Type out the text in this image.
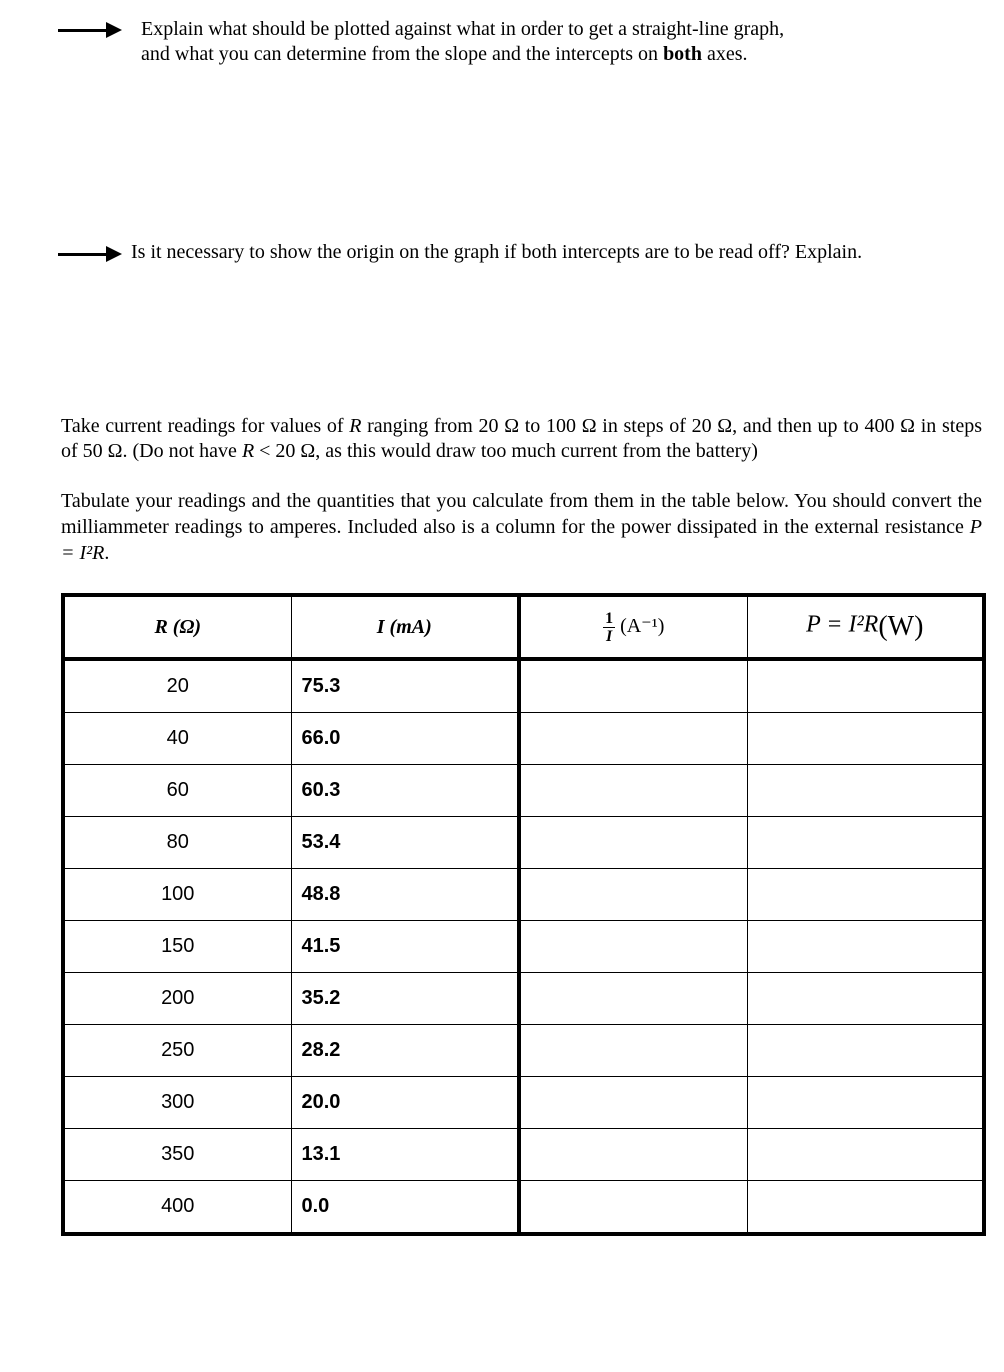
Explain what should be plotted against what in order to get a straight-line graph,
and what you can determine from the slope and the intercepts on both axes.
Is it necessary to show the origin on the graph if both intercepts are to be read off? Explain.
Take current readings for values of R ranging from 20 Ω to 100 Ω in steps of 20 Ω, and then up to 400 Ω in steps of 50 Ω. (Do not have R < 20 Ω, as this would draw too much current from the battery)
Tabulate your readings and the quantities that you calculate from them in the table below. You should convert the milliammeter readings to amperes. Included also is a column for the power dissipated in the external resistance P = I²R.
R (Ω)	I (mA)	$\frac{1}{I} (A^{-1})$	P = I²R(W)
20	75.3		
40	66.0		
60	60.3		
80	53.4		
100	48.8		
150	41.5		
200	35.2		
250	28.2		
300	20.0		
350	13.1		
400	0.0		
